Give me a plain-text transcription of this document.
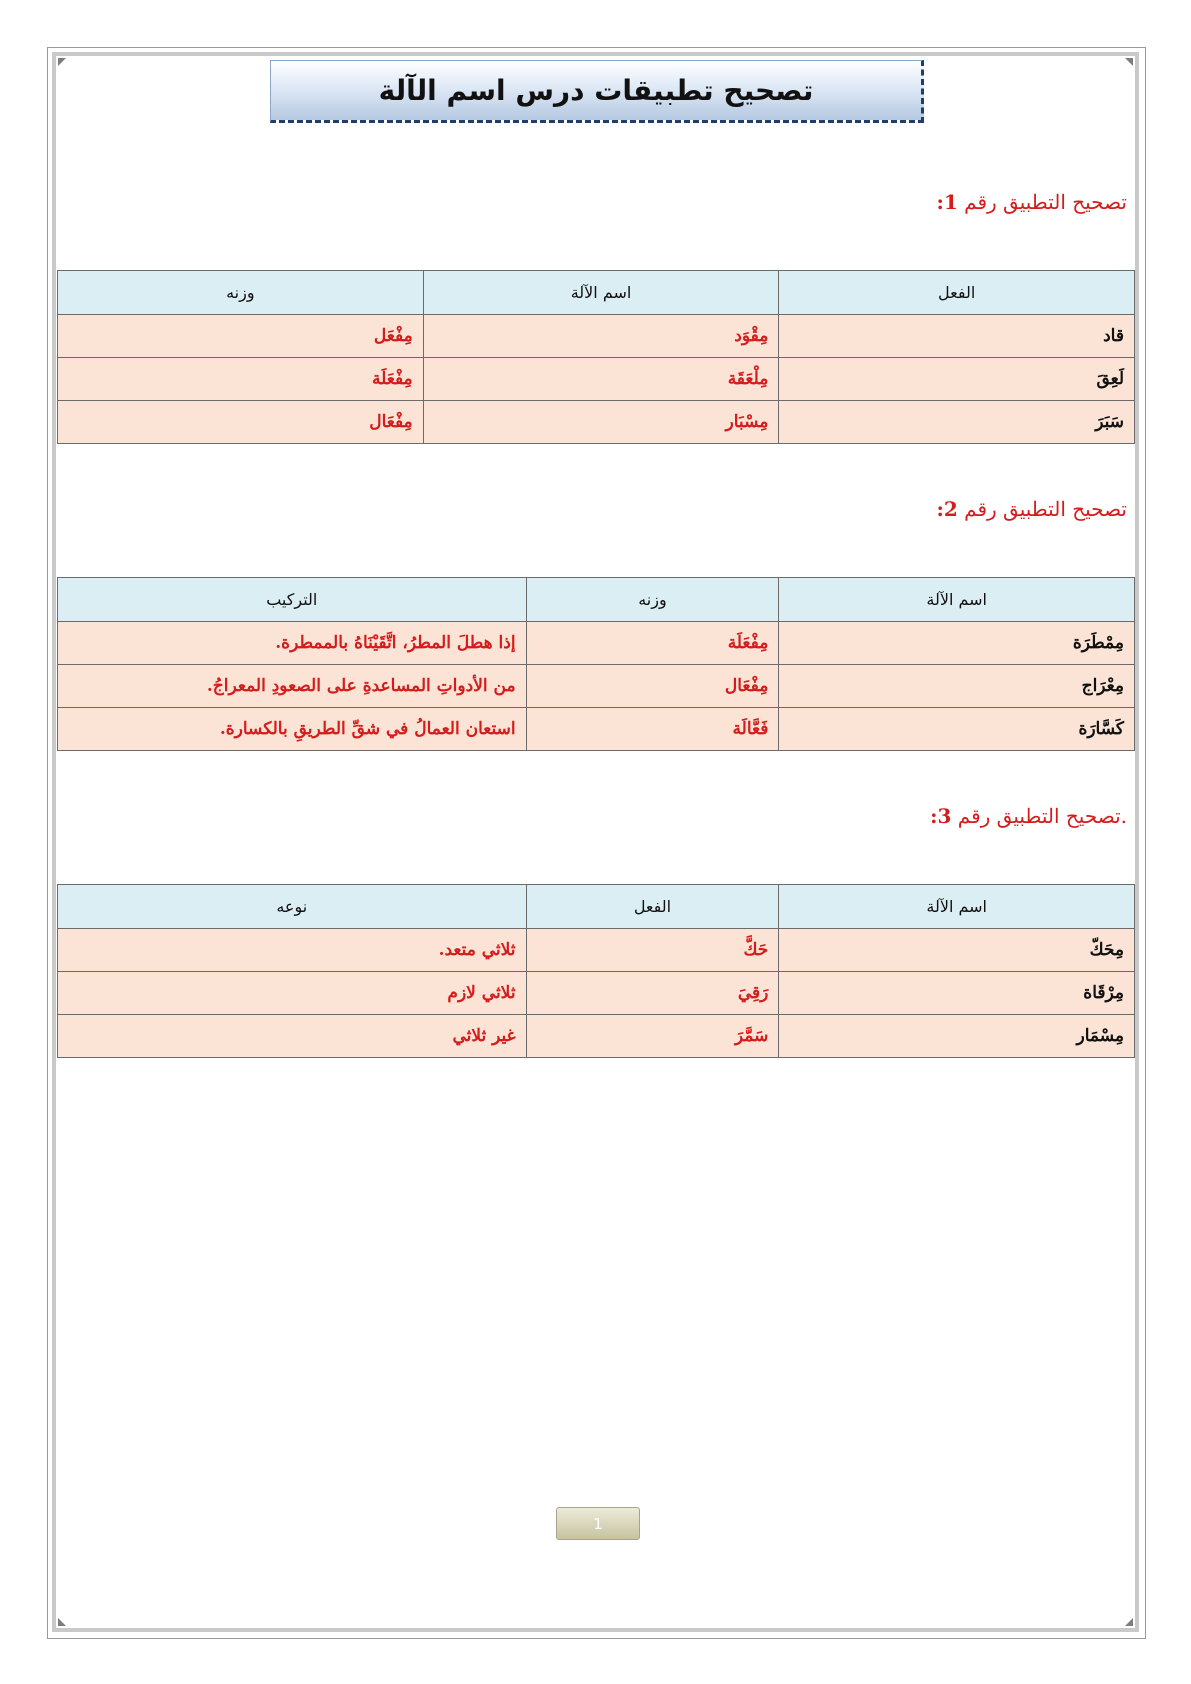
تصحيح تطبيقات درس اسم الآلة
تصحيح التطبيق رقم 1:
الفعل	اسم الآلة	وزنه
قاد	مِقْوَد	مِفْعَل
لَعِقَ	مِلْعَقَة	مِفْعَلَة
سَبَرَ	مِسْبَار	مِفْعَال
تصحيح التطبيق رقم 2:
اسم الآلة	وزنه	التركيب
مِمْطَرَة	مِفْعَلَة	إذا هطلَ المطرُ، اتَّقَيْنَاهُ بالممطرة.
مِعْرَاج	مِفْعَال	من الأدواتِ المساعدةِ على الصعودِ المعراجُ.
كَسَّارَة	فَعَّالَة	استعان العمالُ في شقِّ الطريقِ بالكسارة.
.تصحيح التطبيق رقم 3:
اسم الآلة	الفعل	نوعه
مِحَكّ	حَكَّ	ثلاثي متعد.
مِرْقَاة	رَقِيَ	ثلاثي لازم
مِسْمَار	سَمَّرَ	غير ثلاثي
1
